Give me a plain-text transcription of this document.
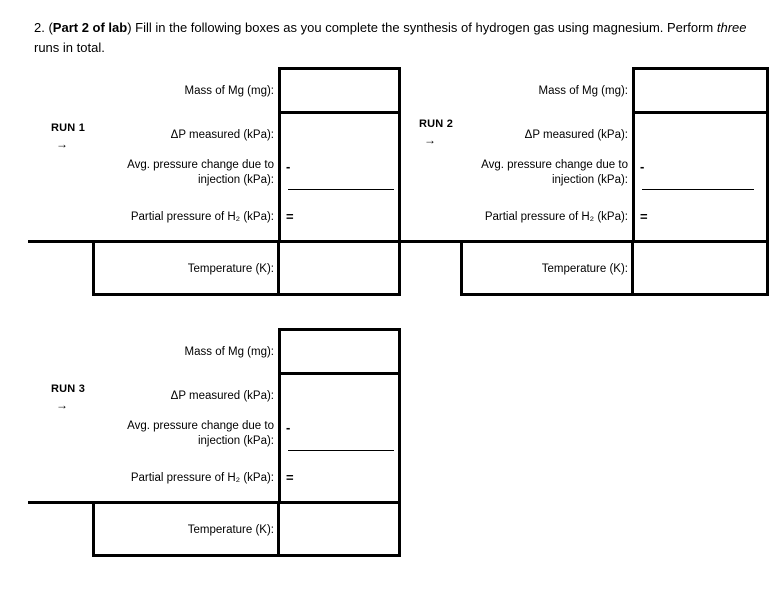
2. (Part 2 of lab) Fill in the following boxes as you complete the synthesis of hydrogen gas using magnesium. Perform three runs in total.
RUN 1
→
Mass of Mg (mg):
ΔP measured (kPa):
Avg. pressure change due to
injection (kPa):
Partial pressure of H₂ (kPa):
-
=
Temperature (K):
RUN 2
→
Mass of Mg (mg):
ΔP measured (kPa):
Avg. pressure change due to
injection (kPa):
Partial pressure of H₂ (kPa):
-
=
Temperature (K):
RUN 3
→
Mass of Mg (mg):
ΔP measured (kPa):
Avg. pressure change due to
injection (kPa):
Partial pressure of H₂ (kPa):
-
=
Temperature (K):
